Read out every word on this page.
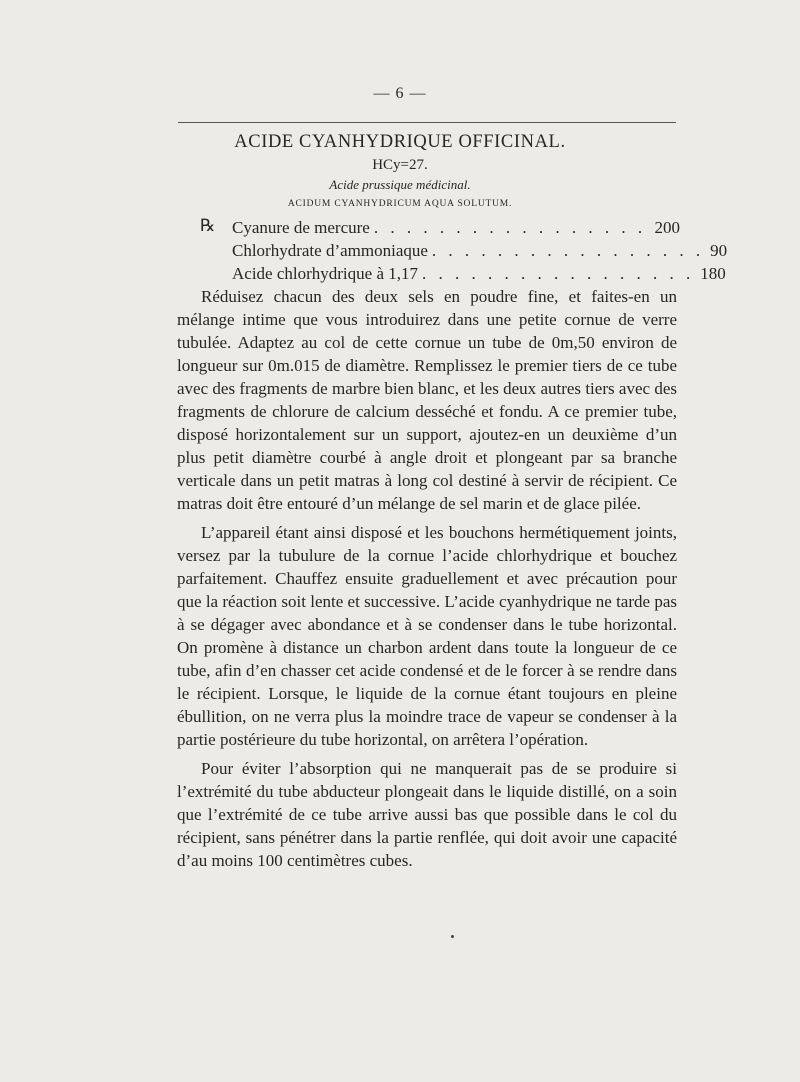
— 6 —
ACIDE CYANHYDRIQUE OFFICINAL.
HCy=27.
Acide prussique médicinal.
ACIDUM CYANHYDRICUM AQUA SOLUTUM.
℞ Cyanure de mercure . . . . . . . . . . . . . . . . . 200
Chlorhydrate d’ammoniaque . . . . . . . . . . . . . . . . . 90
Acide chlorhydrique à 1,17 . . . . . . . . . . . . . . . . . 180

Réduisez chacun des deux sels en poudre fine, et faites-en un mélange intime que vous introduirez dans une petite cornue de verre tubulée. Adaptez au col de cette cornue un tube de 0m,50 environ de longueur sur 0m.015 de diamètre. Remplissez le premier tiers de ce tube avec des fragments de marbre bien blanc, et les deux autres tiers avec des fragments de chlorure de calcium desséché et fondu. A ce premier tube, disposé horizontalement sur un support, ajoutez-en un deuxième d’un plus petit diamètre courbé à angle droit et plongeant par sa branche verticale dans un petit matras à long col destiné à servir de récipient. Ce matras doit être entouré d’un mélange de sel marin et de glace pilée.

L’appareil étant ainsi disposé et les bouchons hermétiquement joints, versez par la tubulure de la cornue l’acide chlorhydrique et bouchez parfaitement. Chauffez ensuite graduellement et avec précaution pour que la réaction soit lente et successive. L’acide cyanhydrique ne tarde pas à se dégager avec abondance et à se condenser dans le tube horizontal. On promène à distance un charbon ardent dans toute la longueur de ce tube, afin d’en chasser cet acide condensé et de le forcer à se rendre dans le récipient. Lorsque, le liquide de la cornue étant toujours en pleine ébullition, on ne verra plus la moindre trace de vapeur se condenser à la partie postérieure du tube horizontal, on arrêtera l’opération.

Pour éviter l’absorption qui ne manquerait pas de se produire si l’extrémité du tube abducteur plongeait dans le liquide distillé, on a soin que l’extrémité de ce tube arrive aussi bas que possible dans le col du récipient, sans pénétrer dans la partie renflée, qui doit avoir une capacité d’au moins 100 centimètres cubes.
